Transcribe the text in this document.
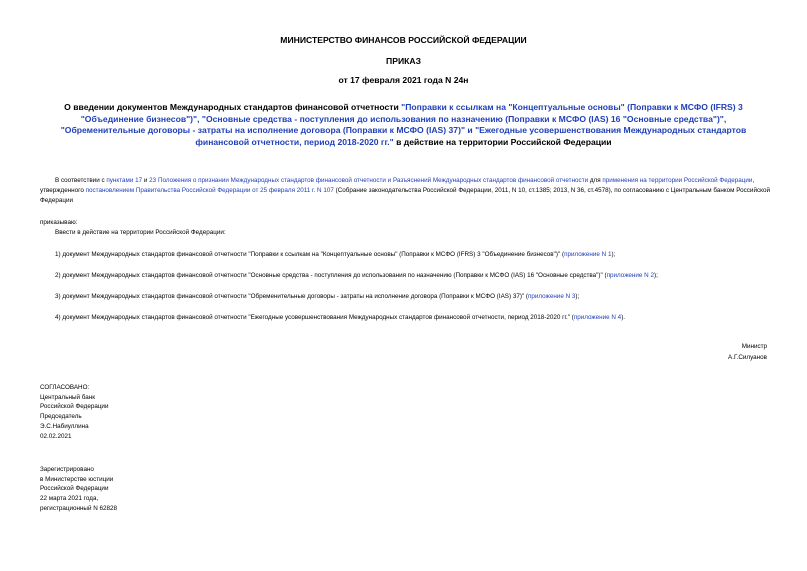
МИНИСТЕРСТВО ФИНАНСОВ РОССИЙСКОЙ ФЕДЕРАЦИИ
ПРИКАЗ
от 17 февраля 2021 года N 24н
О введении документов Международных стандартов финансовой отчетности "Поправки к ссылкам на "Концептуальные основы" (Поправки к МСФО (IFRS) 3 "Объединение бизнесов")", "Основные средства - поступления до использования по назначению (Поправки к МСФО (IAS) 16 "Основные средства")", "Обременительные договоры - затраты на исполнение договора (Поправки к МСФО (IAS) 37)" и "Ежегодные усовершенствования Международных стандартов финансовой отчетности, период 2018-2020 гг." в действие на территории Российской Федерации
В соответствии с пунктами 17 и 23 Положения о признании Международных стандартов финансовой отчетности и Разъяснений Международных стандартов финансовой отчетности для применения на территории Российской Федерации, утвержденного постановлением Правительства Российской Федерации от 25 февраля 2011 г. N 107 (Собрание законодательства Российской Федерации, 2011, N 10, ст.1385; 2013, N 36, ст.4578), по согласованию с Центральным банком Российской Федерации
приказываю:
Ввести в действие на территории Российской Федерации:
1) документ Международных стандартов финансовой отчетности "Поправки к ссылкам на "Концептуальные основы" (Поправки к МСФО (IFRS) 3 "Объединение бизнесов")" (приложение N 1);
2) документ Международных стандартов финансовой отчетности "Основные средства - поступления до использования по назначению (Поправки к МСФО (IAS) 16 "Основные средства")" (приложение N 2);
3) документ Международных стандартов финансовой отчетности "Обременительные договоры - затраты на исполнение договора (Поправки к МСФО (IAS) 37)" (приложение N 3);
4) документ Международных стандартов финансовой отчетности "Ежегодные усовершенствования Международных стандартов финансовой отчетности, период 2018-2020 гг." (приложение N 4).
Министр
А.Г.Силуанов
СОГЛАСОВАНО:
Центральный банк
Российской Федерации
Председатель
Э.С.Набиуллина
02.02.2021
Зарегистрировано
в Министерстве юстиции
Российской Федерации
22 марта 2021 года,
регистрационный N 62828
